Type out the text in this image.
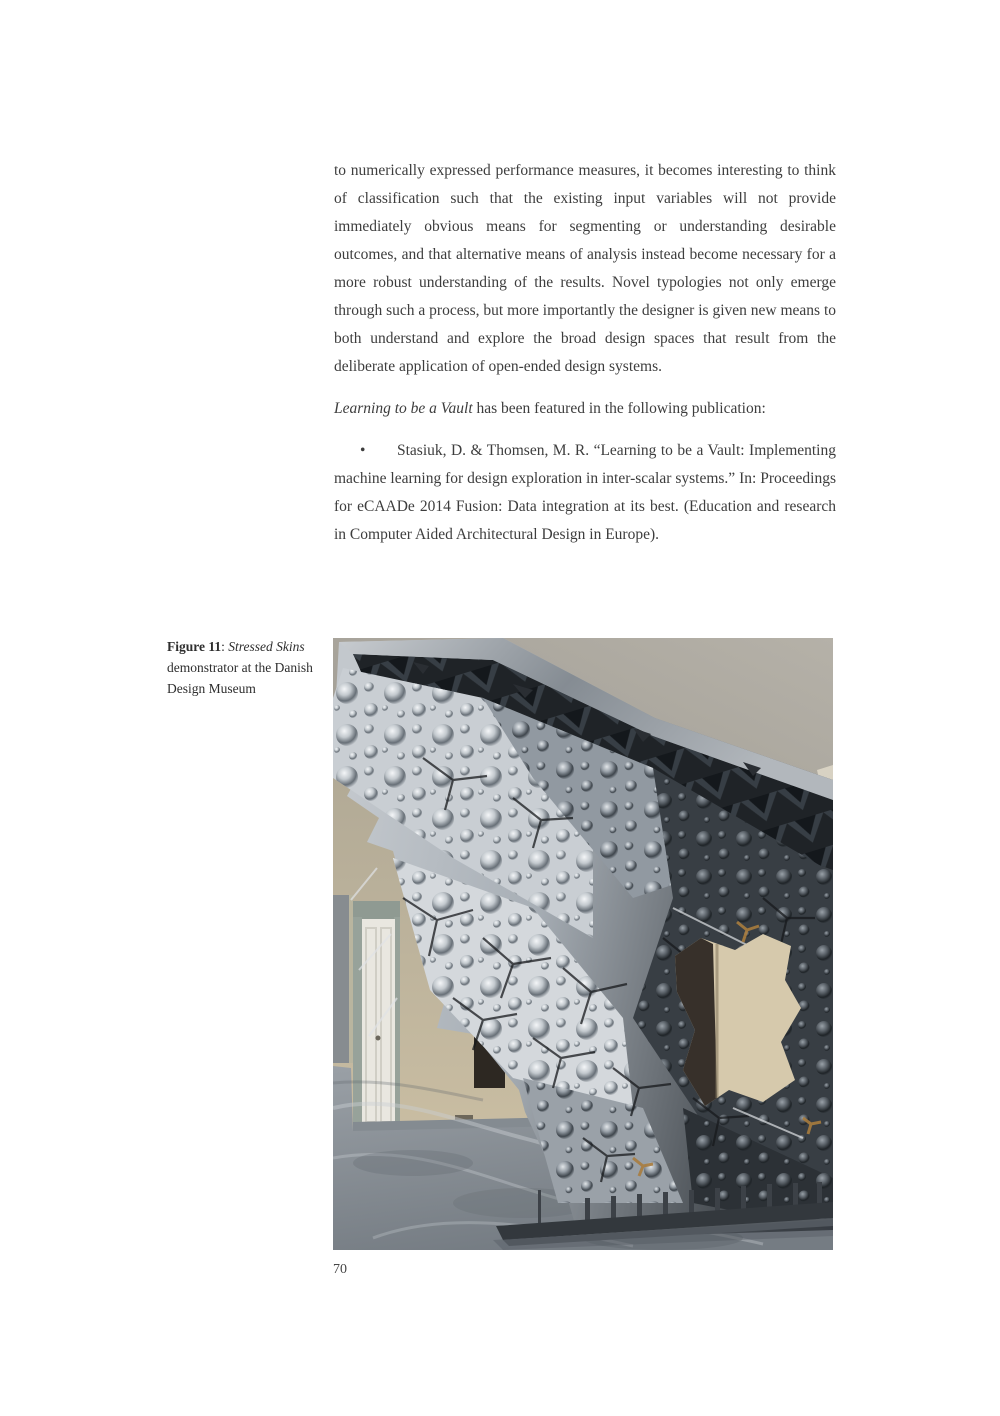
to numerically expressed performance measures, it becomes interesting to think of classification such that the existing input variables will not provide immediately obvious means for segmenting or understanding desirable outcomes, and that alternative means of analysis instead become necessary for a more robust understanding of the results. Novel typologies not only emerge through such a process, but more importantly the designer is given new means to both understand and explore the broad design spaces that result from the deliberate application of open-ended design systems.

Learning to be a Vault has been featured in the following publication:

• Stasiuk, D. & Thomsen, M. R. “Learning to be a Vault: Implementing machine learning for design exploration in inter-scalar systems.” In: Proceedings for eCAADe 2014 Fusion: Data integration at its best. (Education and research in Computer Aided Architectural Design in Europe).

Figure 11: Stressed Skins demonstrator at the Danish Design Museum
70
